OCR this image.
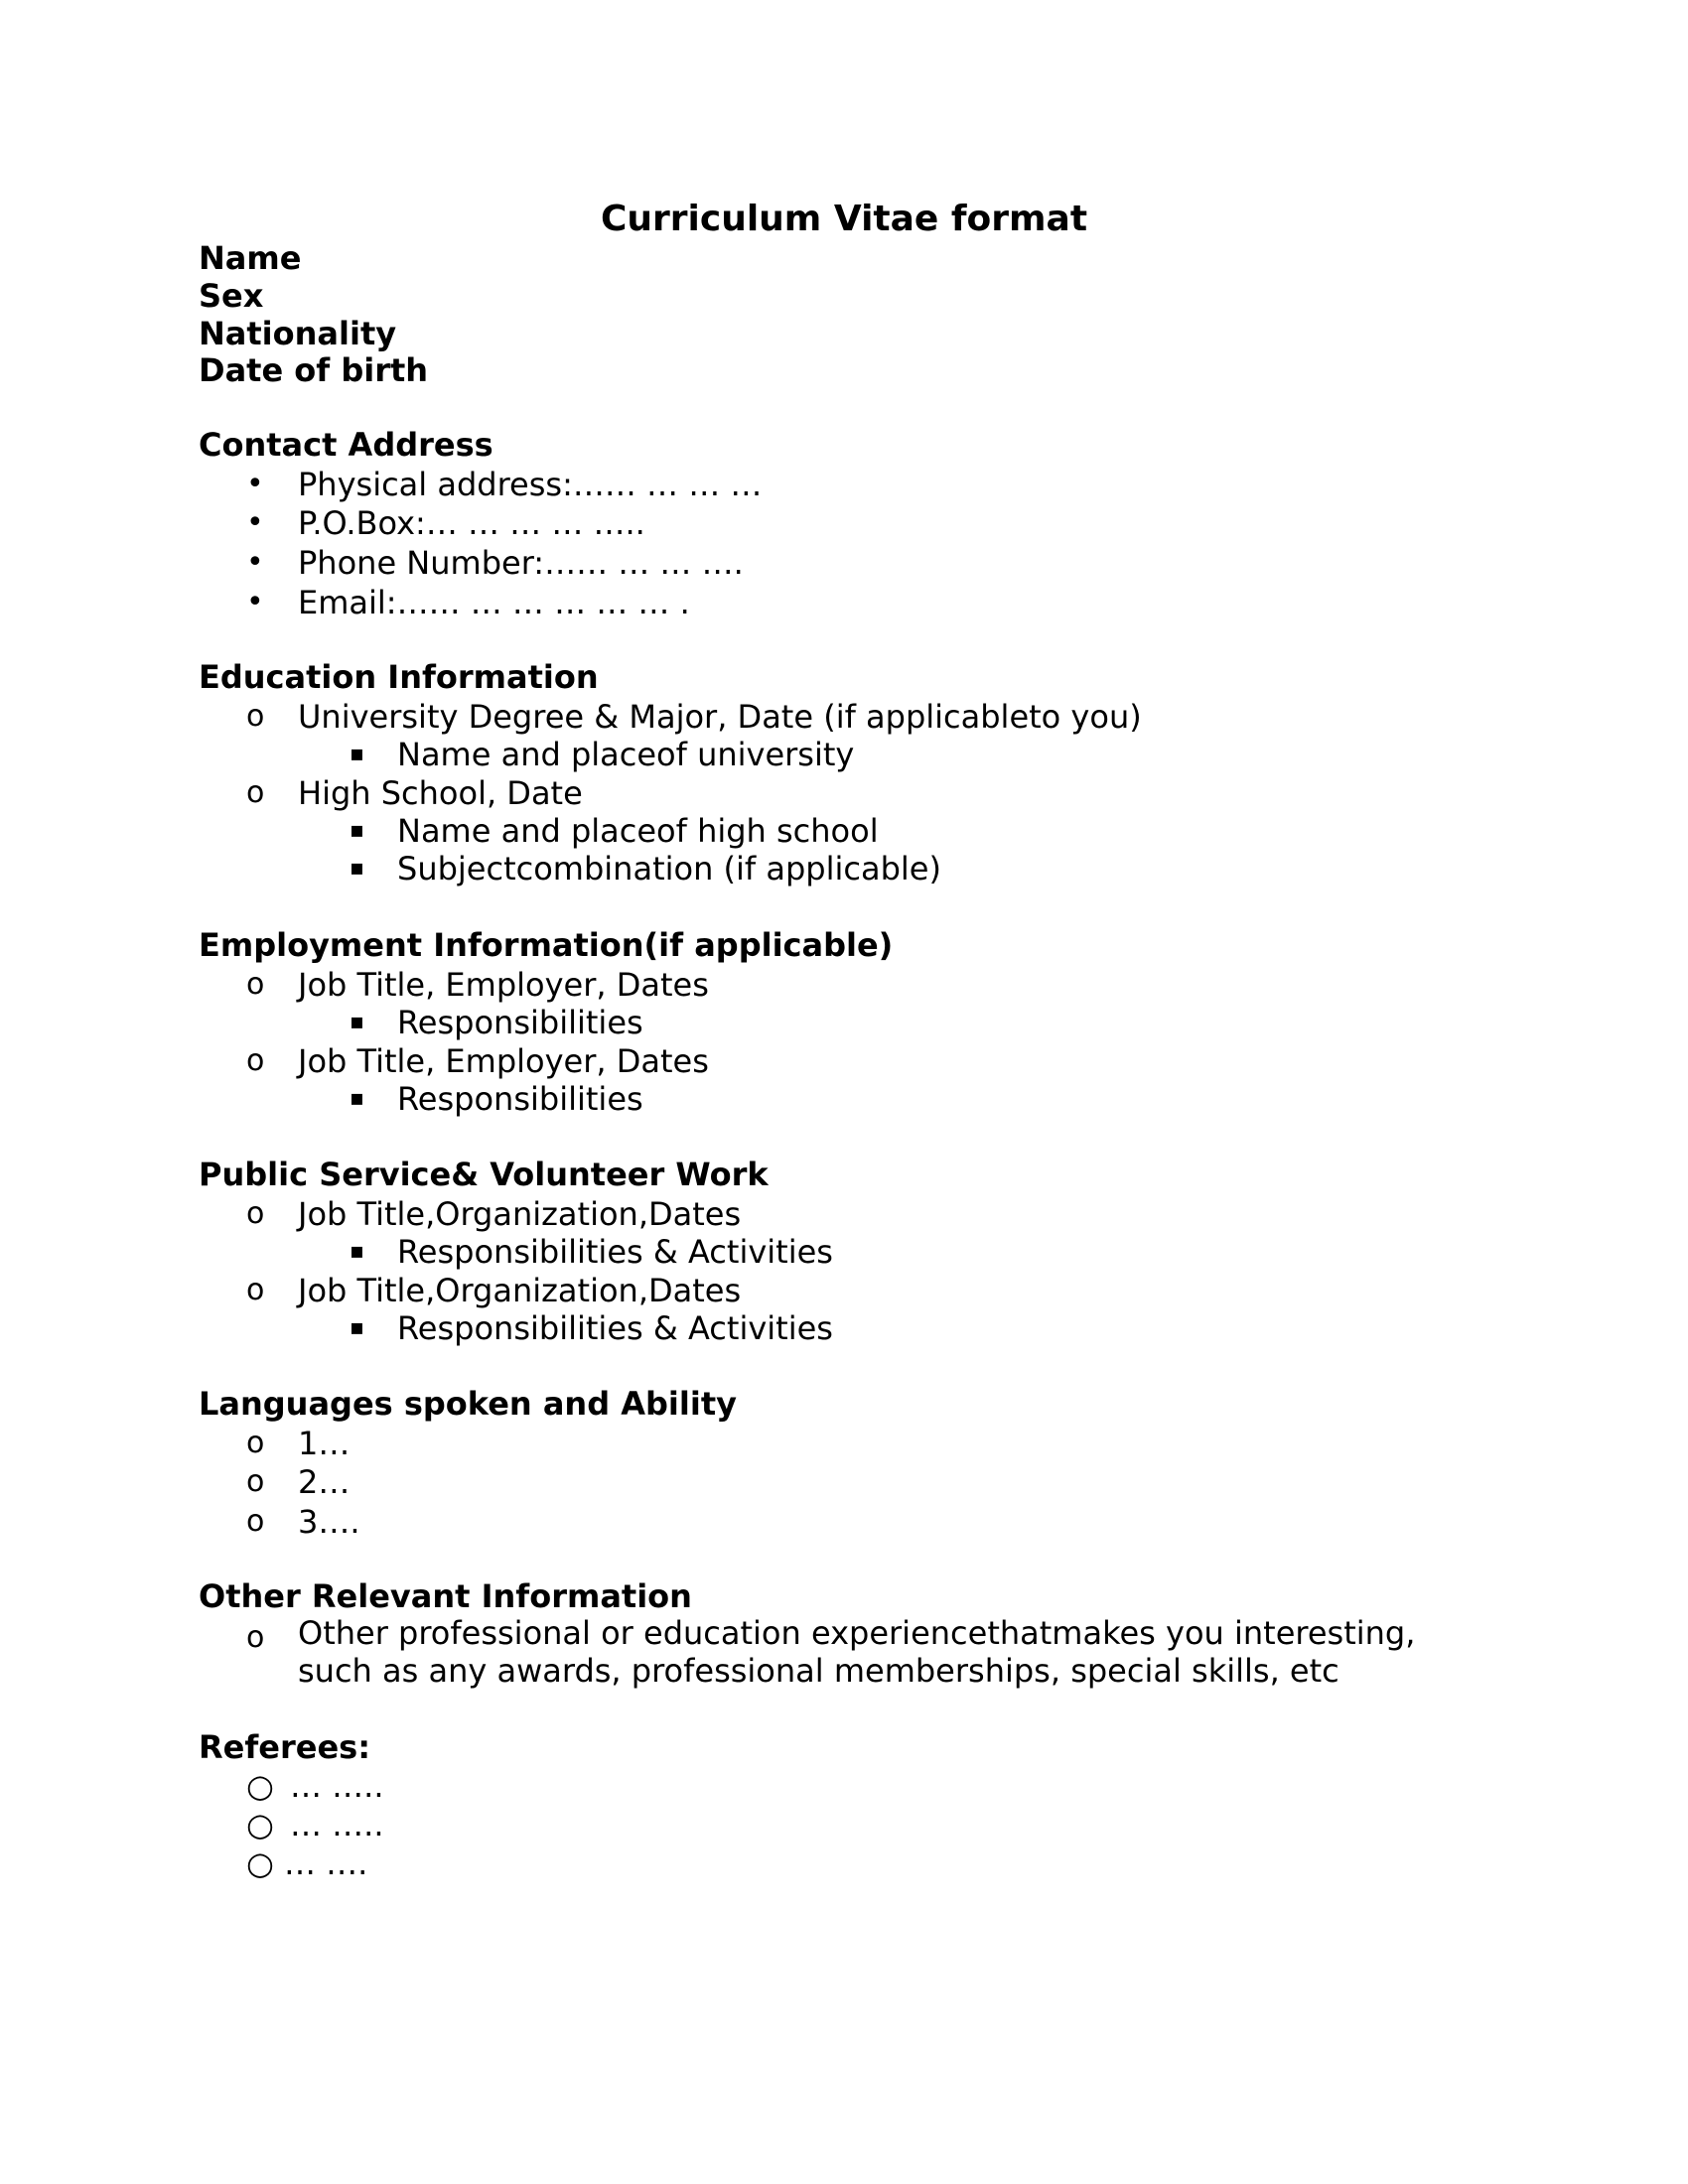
Curriculum Vitae format

Name

Sex

Nationality

Date of birth

Contact Address

• Physical address:…… … … …

• P.O.Box:… … … … …..

• Phone Number:…… … … ….

• Email:…… … … … … … .

Education Information

o University Degree & Major, Date (if applicableto you)

▪ Name and placeof university

o High School, Date

▪ Name and placeof high school

▪ Subjectcombination (if applicable)

Employment Information(if applicable)

o Job Title, Employer, Dates

▪ Responsibilities

o Job Title, Employer, Dates

▪ Responsibilities

Public Service& Volunteer Work

o Job Title,Organization,Dates

▪ Responsibilities & Activities

o Job Title,Organization,Dates

▪ Responsibilities & Activities

Languages spoken and Ability

o 1…

o 2…

o 3….

Other Relevant Information

o Other professional or education experiencethatmakes you interesting, such as any awards, professional memberships, special skills, etc

Referees:

○ … …..

○ … …..

○ … ….
